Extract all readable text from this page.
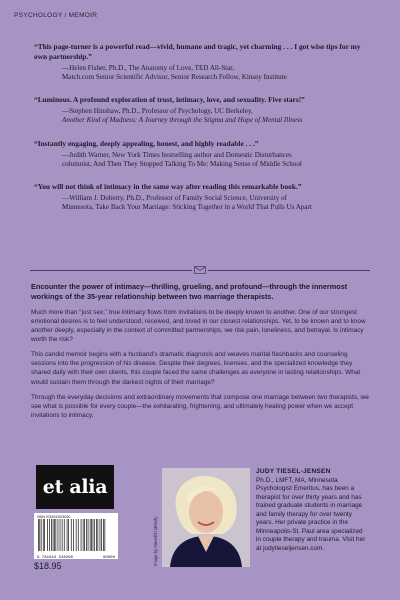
PSYCHOLOGY / MEMOIR
“This page-turner is a powerful read—vivid, humane and tragic, yet charming . . . I got wise tips for my own partnership.”
—Helen Fisher, Ph.D., The Anatomy of Love, TED All-Star,
Match.com Senior Scientific Advisor, Senior Research Fellow, Kinsey Institute
“Luminous. A profound exploration of trust, intimacy, love, and sexuality. Five stars!”
—Stephen Hinshaw, Ph.D., Professor of Psychology, UC Berkeley,
Another Kind of Madness: A Journey through the Stigma and Hope of Mental Illness
“Instantly engaging, deeply appealing, honest, and highly readable . . .”
—Judith Warner, New York Times bestselling author and Domestic Disturbances
columnist, And Then They Stopped Talking To Me: Making Sense of Middle School
“You will not think of intimacy in the same way after reading this remarkable book.”
—William J. Doherty, Ph.D., Professor of Family Social Science, University of
Minnesota, Take Back Your Marriage: Sticking Together in a World That Pulls Us Apart
Encounter the power of intimacy—thrilling, grueling, and profound—through the innermost workings of the 35-year relationship between two marriage therapists.
Much more than “just sex,” true intimacy flows from invitations to be deeply known to another. One of our strongest emotional desires is to feel understood, received, and loved in our closest relationships. Yet, to be known and to know another deeply, especially in the context of committed partnerships, we risk pain, loneliness, and betrayal. Is intimacy worth the risk?
This candid memoir begins with a husband’s dramatic diagnosis and weaves marital flashbacks and counseling sessions into the progression of his disease. Despite their degrees, licenses, and the specialized knowledge they shared daily with their own clients, this couple faced the same challenges as everyone in lasting relationships. What would sustain them through the darkest nights of their marriage?
Through the everyday decisions and extraordinary movements that compose one marriage between two therapists, we see what is possible for every couple—the exhilarating, frightening, and ultimately healing power when we accept invitations to intimacy.
et alia
ISBN 9781944528260
9 781944 528260	90000
$18.95	Image by Meredith Melody
JUDY TIESEL-JENSEN
Ph.D., LMFT, MA, Minnesota Psychologist Emeritus, has been a therapist for over thirty years and has trained graduate students in marriage and family therapy for over twenty years. Her private practice in the Minneapolis-St. Paul area specialized in couple therapy and trauma. Visit her at judytieseljensen.com.
